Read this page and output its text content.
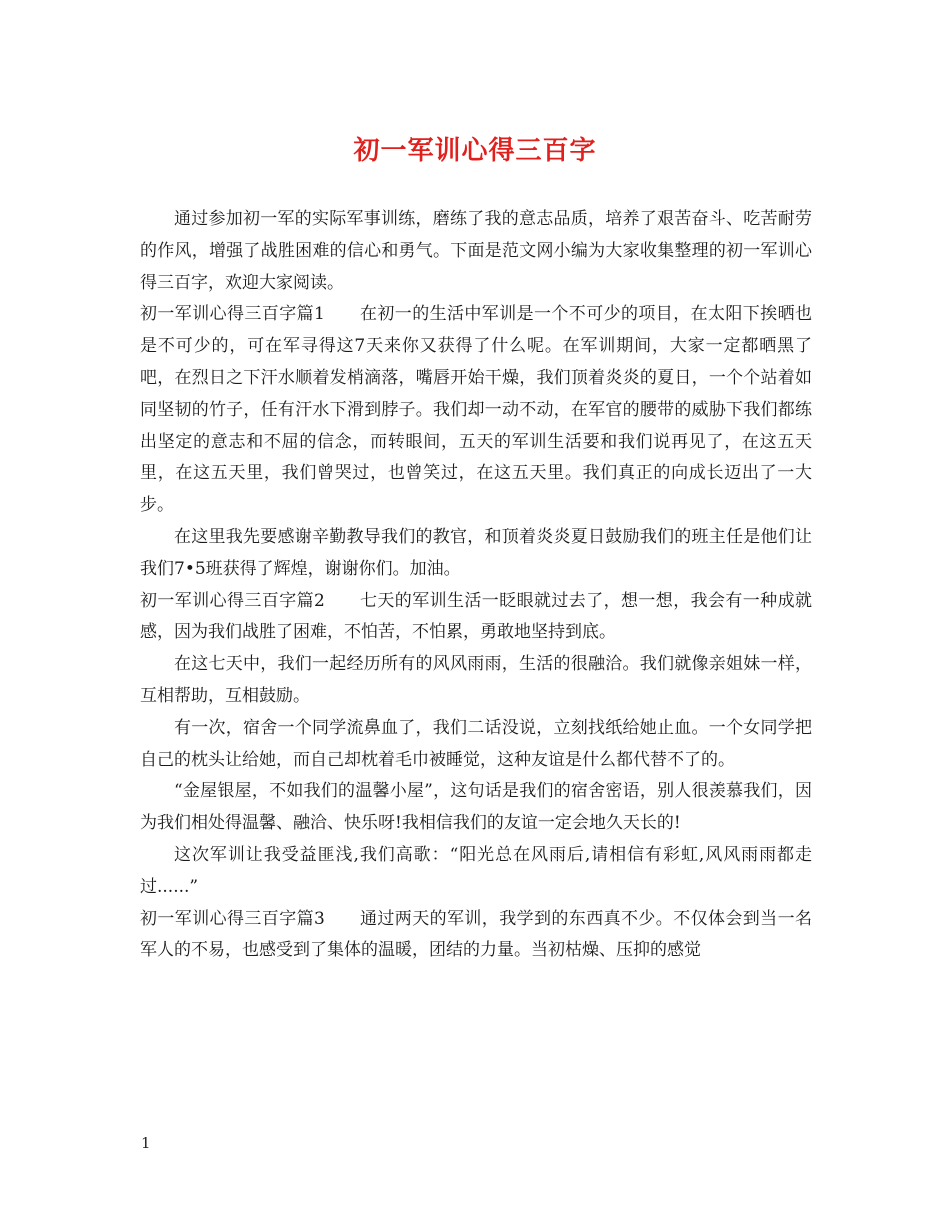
初一军训心得三百字

通过参加初一军的实际军事训练，磨练了我的意志品质，培养了艰苦奋斗、吃苦耐劳的作风，增强了战胜困难的信心和勇气。下面是范文网小编为大家收集整理的初一军训心得三百字，欢迎大家阅读。

初一军训心得三百字篇1　　在初一的生活中军训是一个不可少的项目，在太阳下挨晒也是不可少的，可在军寻得这7天来你又获得了什么呢。在军训期间，大家一定都晒黑了吧，在烈日之下汗水顺着发梢滴落，嘴唇开始干燥，我们顶着炎炎的夏日，一个个站着如同坚韧的竹子，任有汗水下滑到脖子。我们却一动不动，在军官的腰带的威胁下我们都练出坚定的意志和不屈的信念，而转眼间，五天的军训生活要和我们说再见了，在这五天里，在这五天里，我们曾哭过，也曾笑过，在这五天里。我们真正的向成长迈出了一大步。

在这里我先要感谢辛勤教导我们的教官，和顶着炎炎夏日鼓励我们的班主任是他们让我们7•5班获得了辉煌，谢谢你们。加油。

初一军训心得三百字篇2　　七天的军训生活一眨眼就过去了，想一想，我会有一种成就感，因为我们战胜了困难，不怕苦，不怕累，勇敢地坚持到底。

在这七天中，我们一起经历所有的风风雨雨，生活的很融洽。我们就像亲姐妹一样，互相帮助，互相鼓励。

有一次，宿舍一个同学流鼻血了，我们二话没说，立刻找纸给她止血。一个女同学把自己的枕头让给她，而自己却枕着毛巾被睡觉，这种友谊是什么都代替不了的。

“金屋银屋，不如我们的温馨小屋”，这句话是我们的宿舍密语，别人很羡慕我们，因为我们相处得温馨、融洽、快乐呀!我相信我们的友谊一定会地久天长的!

这次军训让我受益匪浅,我们高歌：“阳光总在风雨后,请相信有彩虹,风风雨雨都走过......”

初一军训心得三百字篇3　　通过两天的军训，我学到的东西真不少。不仅体会到当一名军人的不易，也感受到了集体的温暖，团结的力量。当初枯燥、压抑的感觉

1
